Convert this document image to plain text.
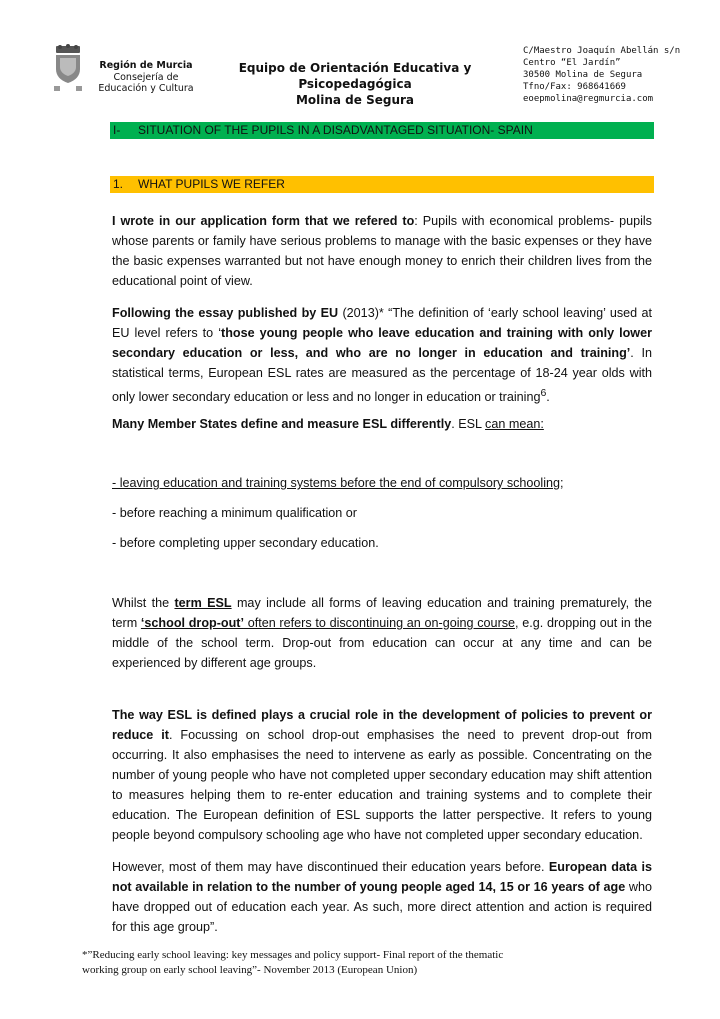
Región de Murcia
Consejería de
Educación y Cultura
Equipo de Orientación Educativa y
Psicopedagógica
Molina de Segura
C/Maestro Joaquín Abellán s/n
Centro “El Jardín”
30500 Molina de Segura
Tfno/Fax: 968641669
eoepmolina@regmurcia.com
I- SITUATION OF THE PUPILS IN A DISADVANTAGED SITUATION- SPAIN
1. WHAT PUPILS WE REFER

I wrote in our application form that we refered to: Pupils with economical problems- pupils whose parents or family have serious problems to manage with the basic expenses or they have the basic expenses warranted but not have enough money to enrich their children lives from the educational point of view.

Following the essay published by EU (2013)* “The definition of ‘early school leaving’ used at EU level refers to ‘those young people who leave education and training with only lower secondary education or less, and who are no longer in education and training’. In statistical terms, European ESL rates are measured as the percentage of 18-24 year olds with only lower secondary education or less and no longer in education or training$^6$.

Many Member States define and measure ESL differently. ESL can mean:

- leaving education and training systems before the end of compulsory schooling;

- before reaching a minimum qualification or

- before completing upper secondary education.

Whilst the term ESL may include all forms of leaving education and training prematurely, the term ‘school drop-out’ often refers to discontinuing an on-going course, e.g. dropping out in the middle of the school term. Drop-out from education can occur at any time and can be experienced by different age groups.

The way ESL is defined plays a crucial role in the development of policies to prevent or reduce it. Focussing on school drop-out emphasises the need to prevent drop-out from occurring. It also emphasises the need to intervene as early as possible. Concentrating on the number of young people who have not completed upper secondary education may shift attention to measures helping them to re-enter education and training systems and to complete their education. The European definition of ESL supports the latter perspective. It refers to young people beyond compulsory schooling age who have not completed upper secondary education.

However, most of them may have discontinued their education years before. European data is not available in relation to the number of young people aged 14, 15 or 16 years of age who have dropped out of education each year. As such, more direct attention and action is required for this age group”.

*”Reducing early school leaving: key messages and policy support- Final report of the thematic
working group on early school leaving”- November 2013 (European Union)
